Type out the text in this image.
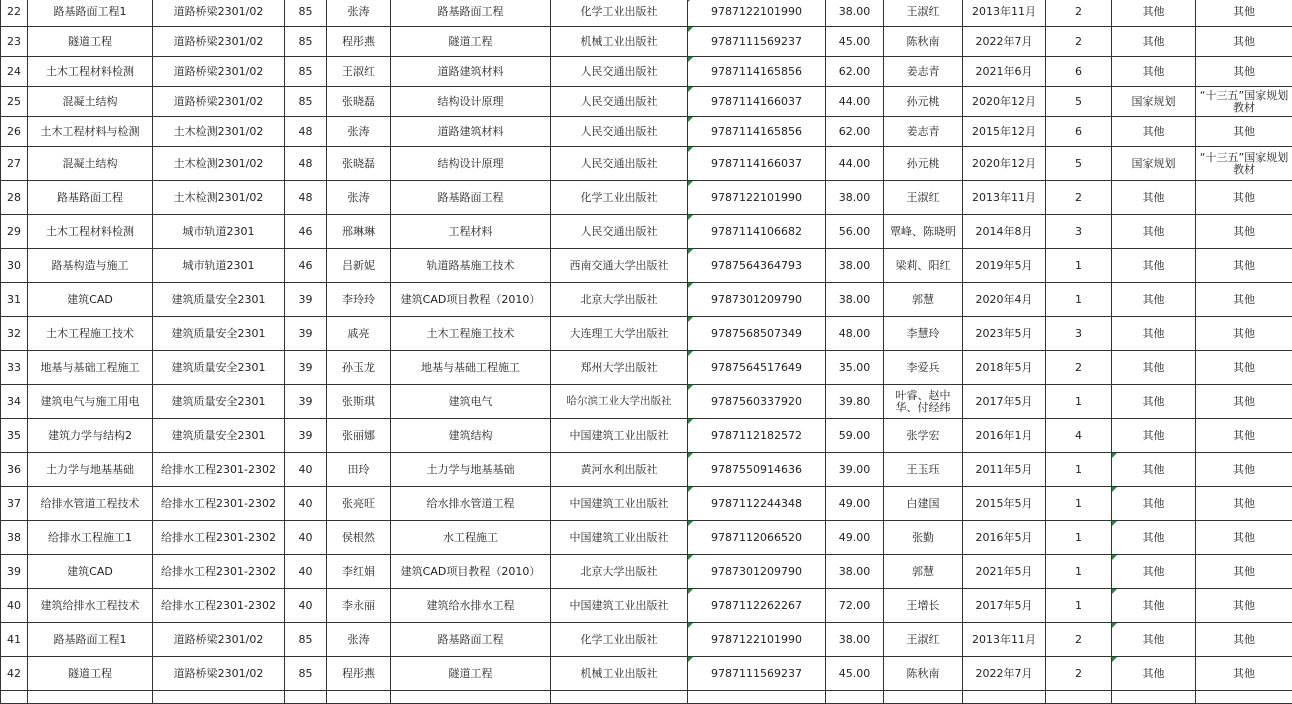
22	路基路面工程1	道路桥梁2301/02	85	张涛	路基路面工程	化学工业出版社	9787122101990	38.00	王淑红	2013年11月	2	其他	其他
23	隧道工程	道路桥梁2301/02	85	程彤燕	隧道工程	机械工业出版社	9787111569237	45.00	陈秋南	2022年7月	2	其他	其他
24	土木工程材料检测	道路桥梁2301/02	85	王淑红	道路建筑材料	人民交通出版社	9787114165856	62.00	姜志青	2021年6月	6	其他	其他
25	混凝土结构	道路桥梁2301/02	85	张晓磊	结构设计原理	人民交通出版社	9787114166037	44.00	孙元桃	2020年12月	5	国家规划	“十三五”国家规划教材
26	土木工程材料与检测	土木检测2301/02	48	张涛	道路建筑材料	人民交通出版社	9787114165856	62.00	姜志青	2015年12月	6	其他	其他
27	混凝土结构	土木检测2301/02	48	张晓磊	结构设计原理	人民交通出版社	9787114166037	44.00	孙元桃	2020年12月	5	国家规划	“十三五”国家规划教材
28	路基路面工程	土木检测2301/02	48	张涛	路基路面工程	化学工业出版社	9787122101990	38.00	王淑红	2013年11月	2	其他	其他
29	土木工程材料检测	城市轨道2301	46	邢琳琳	工程材料	人民交通出版社	9787114106682	56.00	覃峰、陈晓明	2014年8月	3	其他	其他
30	路基构造与施工	城市轨道2301	46	吕新妮	轨道路基施工技术	西南交通大学出版社	9787564364793	38.00	梁莉、阳红	2019年5月	1	其他	其他
31	建筑CAD	建筑质量安全2301	39	李玲玲	建筑CAD项目教程（2010）	北京大学出版社	9787301209790	38.00	郭慧	2020年4月	1	其他	其他
32	土木工程施工技术	建筑质量安全2301	39	戚亮	土木工程施工技术	大连理工大学出版社	9787568507349	48.00	李慧玲	2023年5月	3	其他	其他
33	地基与基础工程施工	建筑质量安全2301	39	孙玉龙	地基与基础工程施工	郑州大学出版社	9787564517649	35.00	李爱兵	2018年5月	2	其他	其他
34	建筑电气与施工用电	建筑质量安全2301	39	张斯琪	建筑电气	哈尔滨工业大学出版社	9787560337920	39.80	叶睿、赵中华、付经纬	2017年5月	1	其他	其他
35	建筑力学与结构2	建筑质量安全2301	39	张丽娜	建筑结构	中国建筑工业出版社	9787112182572	59.00	张学宏	2016年1月	4	其他	其他
36	土力学与地基基础	给排水工程2301-2302	40	田玲	土力学与地基基础	黄河水利出版社	9787550914636	39.00	王玉珏	2011年5月	1	其他	其他
37	给排水管道工程技术	给排水工程2301-2302	40	张亮旺	给水排水管道工程	中国建筑工业出版社	9787112244348	49.00	白建国	2015年5月	1	其他	其他
38	给排水工程施工1	给排水工程2301-2302	40	侯根然	水工程施工	中国建筑工业出版社	9787112066520	49.00	张勤	2016年5月	1	其他	其他
39	建筑CAD	给排水工程2301-2302	40	李红娟	建筑CAD项目教程（2010）	北京大学出版社	9787301209790	38.00	郭慧	2021年5月	1	其他	其他
40	建筑给排水工程技术	给排水工程2301-2302	40	李永丽	建筑给水排水工程	中国建筑工业出版社	9787112262267	72.00	王增长	2017年5月	1	其他	其他
41	路基路面工程1	道路桥梁2301/02	85	张涛	路基路面工程	化学工业出版社	9787122101990	38.00	王淑红	2013年11月	2	其他	其他
42	隧道工程	道路桥梁2301/02	85	程彤燕	隧道工程	机械工业出版社	9787111569237	45.00	陈秋南	2022年7月	2	其他	其他
